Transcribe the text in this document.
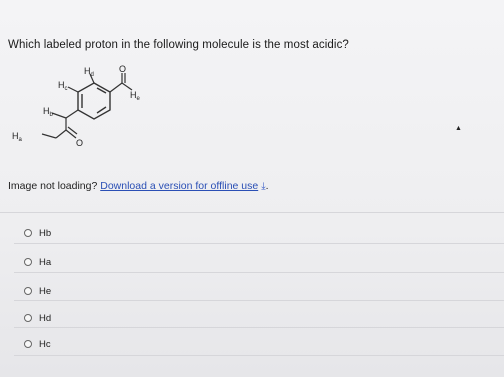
Which labeled proton in the following molecule is the most acidic?
H d
O
H e
H c
H b
H a	O
Image not loading? Download a version for offline use ⤓.
Hb
Ha
He
Hd
Hc
▲
